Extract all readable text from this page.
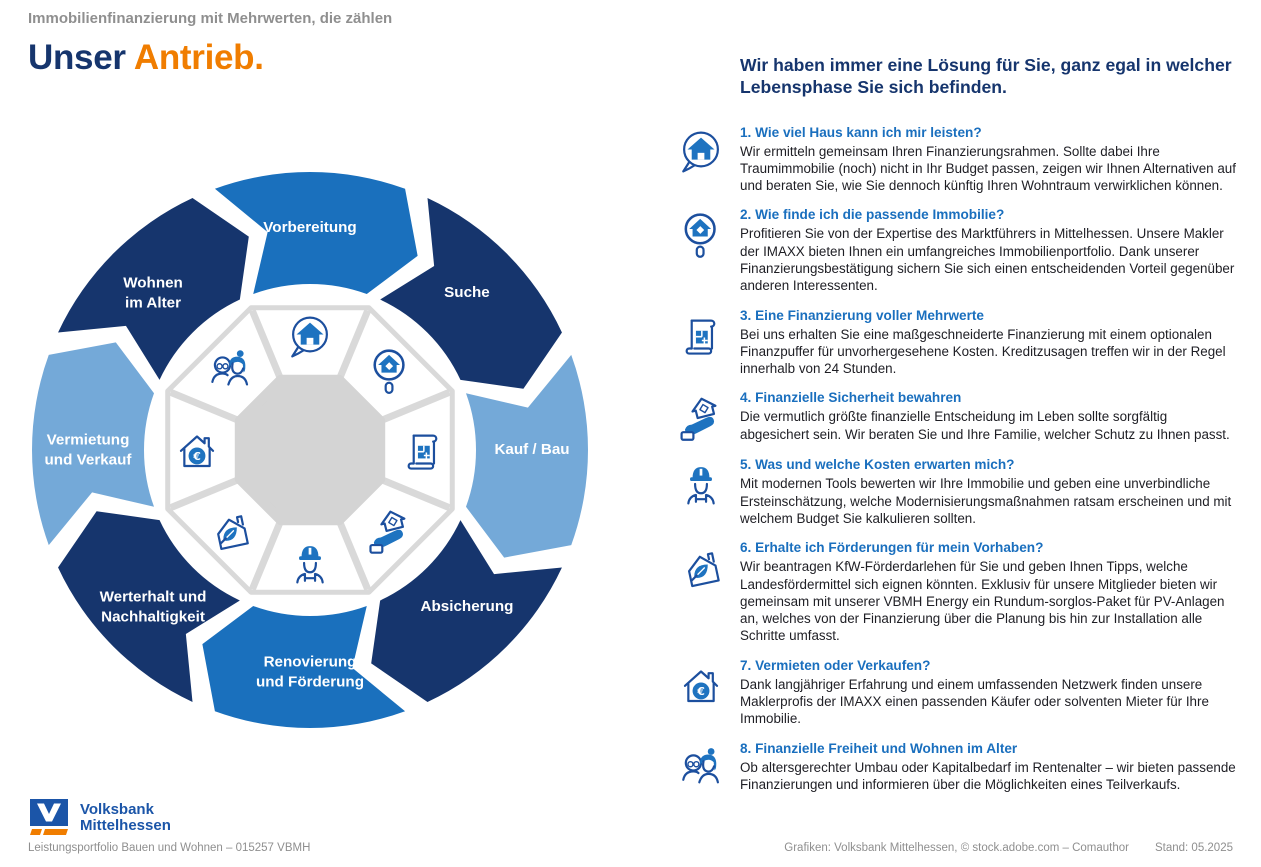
Immobilienfinanzierung mit Mehrwerten, die zählen
Unser Antrieb.
Vorbereitung
Suche
Kauf / Bau
Absicherung
Renovierung
und Förderung
Werterhalt und
Nachhaltigkeit
Vermietung
und Verkauf
Wohnen
im Alter
Wir haben immer eine Lösung für Sie, ganz egal in welcher Lebensphase Sie sich befinden.
1. Wie viel Haus kann ich mir leisten?
Wir ermitteln gemeinsam Ihren Finanzierungsrahmen. Sollte dabei Ihre Traumimmobilie (noch) nicht in Ihr Budget passen, zeigen wir Ihnen Alternativen auf und beraten Sie, wie Sie dennoch künftig Ihren Wohntraum verwirklichen können.
2. Wie finde ich die passende Immobilie?
Profitieren Sie von der Expertise des Marktführers in Mittelhessen. Unsere Makler der IMAXX bieten Ihnen ein umfangreiches Immobilienportfolio. Dank unserer Finanzierungsbestätigung sichern Sie sich einen entscheidenden Vorteil gegenüber anderen Interessenten.
3. Eine Finanzierung voller Mehrwerte
Bei uns erhalten Sie eine maßgeschneiderte Finanzierung mit einem optionalen Finanzpuffer für unvorhergesehene Kosten. Kreditzusagen treffen wir in der Regel innerhalb von 24 Stunden.
4. Finanzielle Sicherheit bewahren
Die vermutlich größte finanzielle Entscheidung im Leben sollte sorgfältig abgesichert sein. Wir beraten Sie und Ihre Familie, welcher Schutz zu Ihnen passt.
5. Was und welche Kosten erwarten mich?
Mit modernen Tools bewerten wir Ihre Immobilie und geben eine unverbindliche Ersteinschätzung, welche Modernisierungsmaßnahmen ratsam erscheinen und mit welchem Budget Sie kalkulieren sollten.
6. Erhalte ich Förderungen für mein Vorhaben?
Wir beantragen KfW-Förderdarlehen für Sie und geben Ihnen Tipps, welche Landesfördermittel sich eignen könnten. Exklusiv für unsere Mitglieder bieten wir gemeinsam mit unserer VBMH Energy ein Rundum-sorglos-Paket für PV-Anlagen an, welches von der Finanzierung über die Planung bis hin zur Installation alle Schritte umfasst.
7. Vermieten oder Verkaufen?
Dank langjähriger Erfahrung und einem umfassenden Netzwerk finden unsere Maklerprofis der IMAXX einen passenden Käufer oder solventen Mieter für Ihre Immobilie.
8. Finanzielle Freiheit und Wohnen im Alter
Ob altersgerechter Umbau oder Kapitalbedarf im Rentenalter – wir bieten passende Finanzierungen und informieren über die Möglichkeiten eines Teilverkaufs.
Volksbank
Mittelhessen
Leistungsportfolio Bauen und Wohnen – 015257 VBMH	Grafiken: Volksbank Mittelhessen, © stock.adobe.com – Comauthor Stand: 05.2025
